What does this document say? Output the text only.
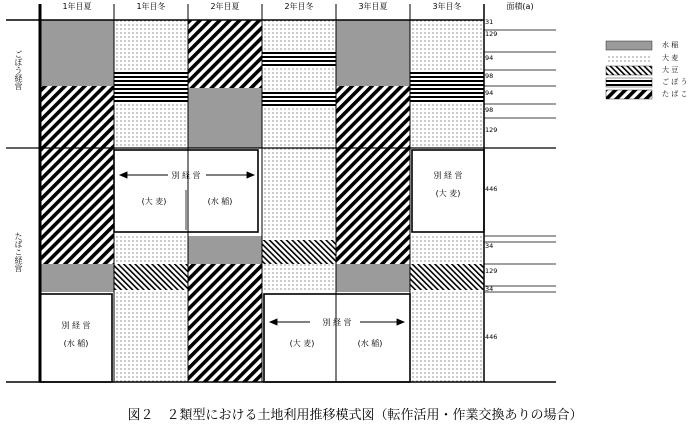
1年目夏	1年目冬	2年目夏	2年目冬	3年目夏	3年目冬	面積(a)
ごぼう経営
たばこ経営
31
129
94
98
94
98
129
446
34
129
34
446
別 経 営
(大 麦)	(水 稲)
別 経 営
(大 麦)
別 経 営
(水 稲)
別 経 営
(大 麦)	(水 稲)
水 稲
大 麦
大 豆
ご ぼ う
た ば こ
図２　２類型における土地利用推移模式図（転作活用・作業交換ありの場合）
